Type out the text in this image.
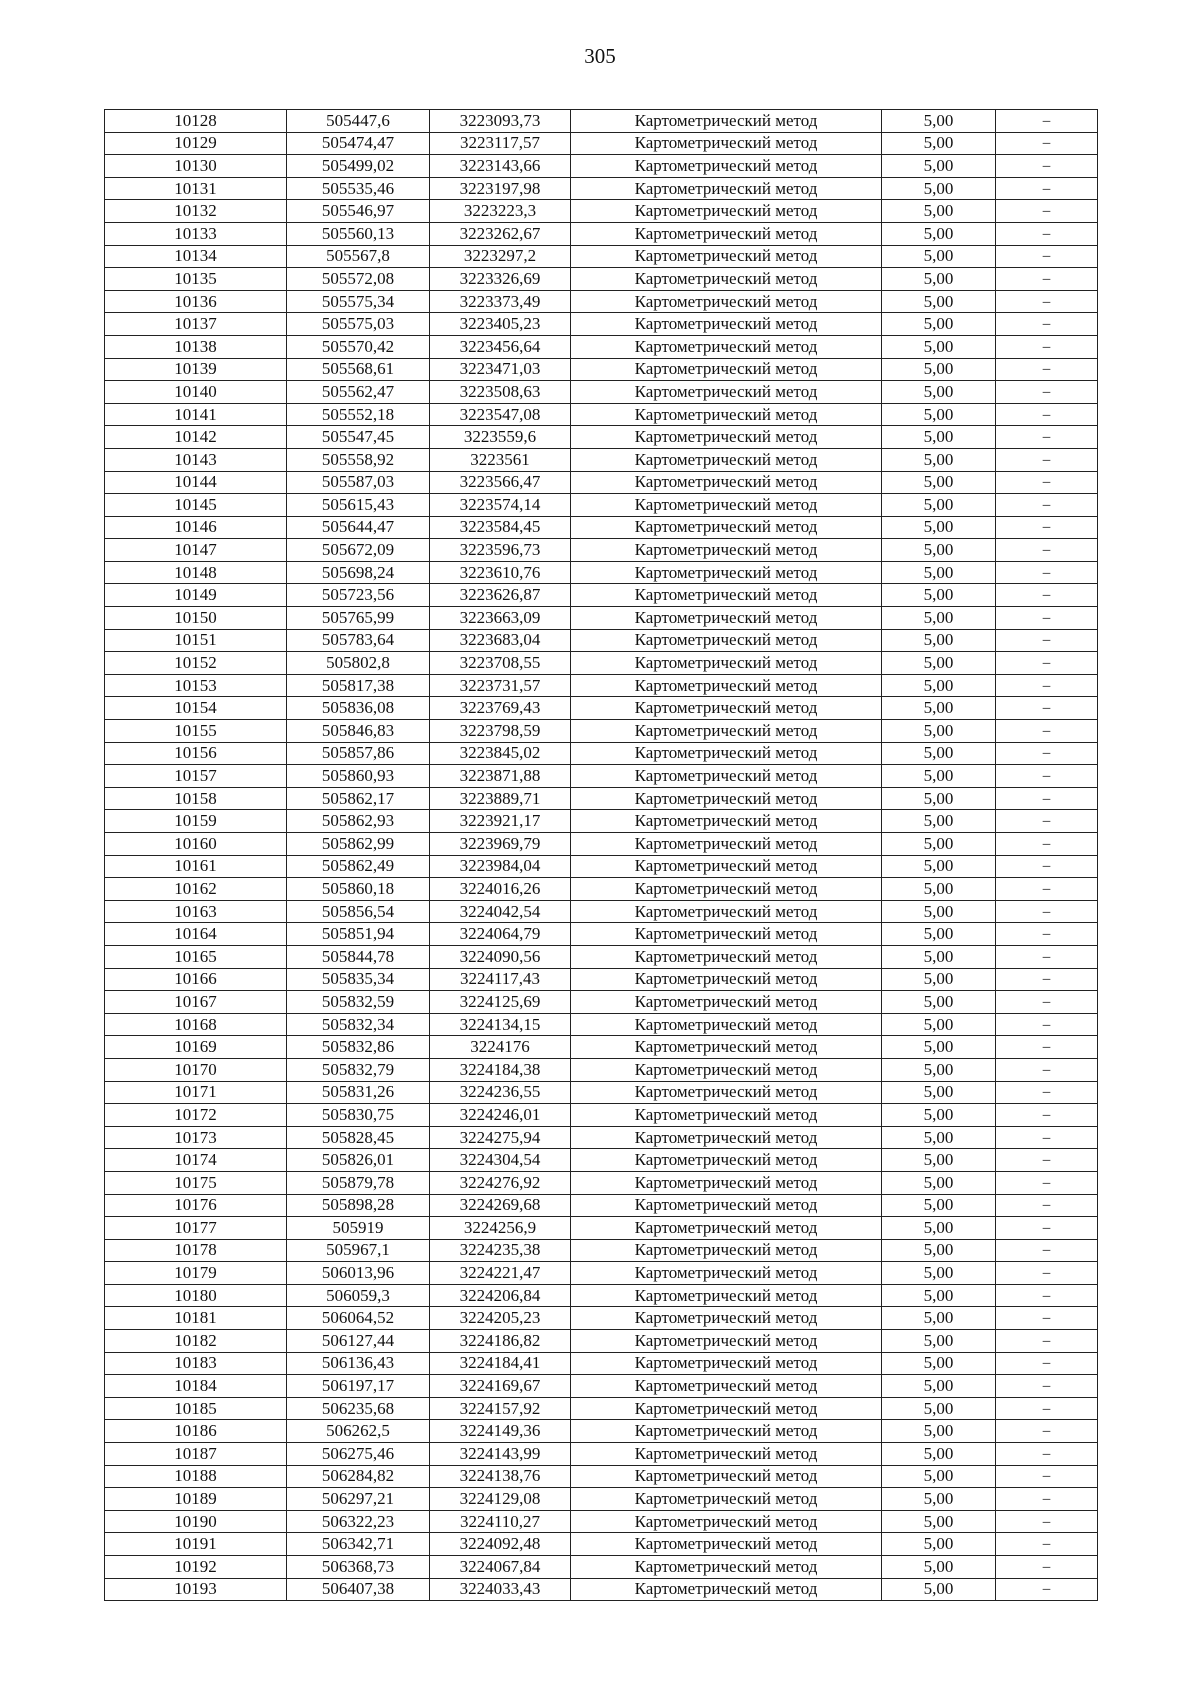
305
10128	505447,6	3223093,73	Картометрический метод	5,00	–
10129	505474,47	3223117,57	Картометрический метод	5,00	–
10130	505499,02	3223143,66	Картометрический метод	5,00	–
10131	505535,46	3223197,98	Картометрический метод	5,00	–
10132	505546,97	3223223,3	Картометрический метод	5,00	–
10133	505560,13	3223262,67	Картометрический метод	5,00	–
10134	505567,8	3223297,2	Картометрический метод	5,00	–
10135	505572,08	3223326,69	Картометрический метод	5,00	–
10136	505575,34	3223373,49	Картометрический метод	5,00	–
10137	505575,03	3223405,23	Картометрический метод	5,00	–
10138	505570,42	3223456,64	Картометрический метод	5,00	–
10139	505568,61	3223471,03	Картометрический метод	5,00	–
10140	505562,47	3223508,63	Картометрический метод	5,00	–
10141	505552,18	3223547,08	Картометрический метод	5,00	–
10142	505547,45	3223559,6	Картометрический метод	5,00	–
10143	505558,92	3223561	Картометрический метод	5,00	–
10144	505587,03	3223566,47	Картометрический метод	5,00	–
10145	505615,43	3223574,14	Картометрический метод	5,00	–
10146	505644,47	3223584,45	Картометрический метод	5,00	–
10147	505672,09	3223596,73	Картометрический метод	5,00	–
10148	505698,24	3223610,76	Картометрический метод	5,00	–
10149	505723,56	3223626,87	Картометрический метод	5,00	–
10150	505765,99	3223663,09	Картометрический метод	5,00	–
10151	505783,64	3223683,04	Картометрический метод	5,00	–
10152	505802,8	3223708,55	Картометрический метод	5,00	–
10153	505817,38	3223731,57	Картометрический метод	5,00	–
10154	505836,08	3223769,43	Картометрический метод	5,00	–
10155	505846,83	3223798,59	Картометрический метод	5,00	–
10156	505857,86	3223845,02	Картометрический метод	5,00	–
10157	505860,93	3223871,88	Картометрический метод	5,00	–
10158	505862,17	3223889,71	Картометрический метод	5,00	–
10159	505862,93	3223921,17	Картометрический метод	5,00	–
10160	505862,99	3223969,79	Картометрический метод	5,00	–
10161	505862,49	3223984,04	Картометрический метод	5,00	–
10162	505860,18	3224016,26	Картометрический метод	5,00	–
10163	505856,54	3224042,54	Картометрический метод	5,00	–
10164	505851,94	3224064,79	Картометрический метод	5,00	–
10165	505844,78	3224090,56	Картометрический метод	5,00	–
10166	505835,34	3224117,43	Картометрический метод	5,00	–
10167	505832,59	3224125,69	Картометрический метод	5,00	–
10168	505832,34	3224134,15	Картометрический метод	5,00	–
10169	505832,86	3224176	Картометрический метод	5,00	–
10170	505832,79	3224184,38	Картометрический метод	5,00	–
10171	505831,26	3224236,55	Картометрический метод	5,00	–
10172	505830,75	3224246,01	Картометрический метод	5,00	–
10173	505828,45	3224275,94	Картометрический метод	5,00	–
10174	505826,01	3224304,54	Картометрический метод	5,00	–
10175	505879,78	3224276,92	Картометрический метод	5,00	–
10176	505898,28	3224269,68	Картометрический метод	5,00	–
10177	505919	3224256,9	Картометрический метод	5,00	–
10178	505967,1	3224235,38	Картометрический метод	5,00	–
10179	506013,96	3224221,47	Картометрический метод	5,00	–
10180	506059,3	3224206,84	Картометрический метод	5,00	–
10181	506064,52	3224205,23	Картометрический метод	5,00	–
10182	506127,44	3224186,82	Картометрический метод	5,00	–
10183	506136,43	3224184,41	Картометрический метод	5,00	–
10184	506197,17	3224169,67	Картометрический метод	5,00	–
10185	506235,68	3224157,92	Картометрический метод	5,00	–
10186	506262,5	3224149,36	Картометрический метод	5,00	–
10187	506275,46	3224143,99	Картометрический метод	5,00	–
10188	506284,82	3224138,76	Картометрический метод	5,00	–
10189	506297,21	3224129,08	Картометрический метод	5,00	–
10190	506322,23	3224110,27	Картометрический метод	5,00	–
10191	506342,71	3224092,48	Картометрический метод	5,00	–
10192	506368,73	3224067,84	Картометрический метод	5,00	–
10193	506407,38	3224033,43	Картометрический метод	5,00	–
